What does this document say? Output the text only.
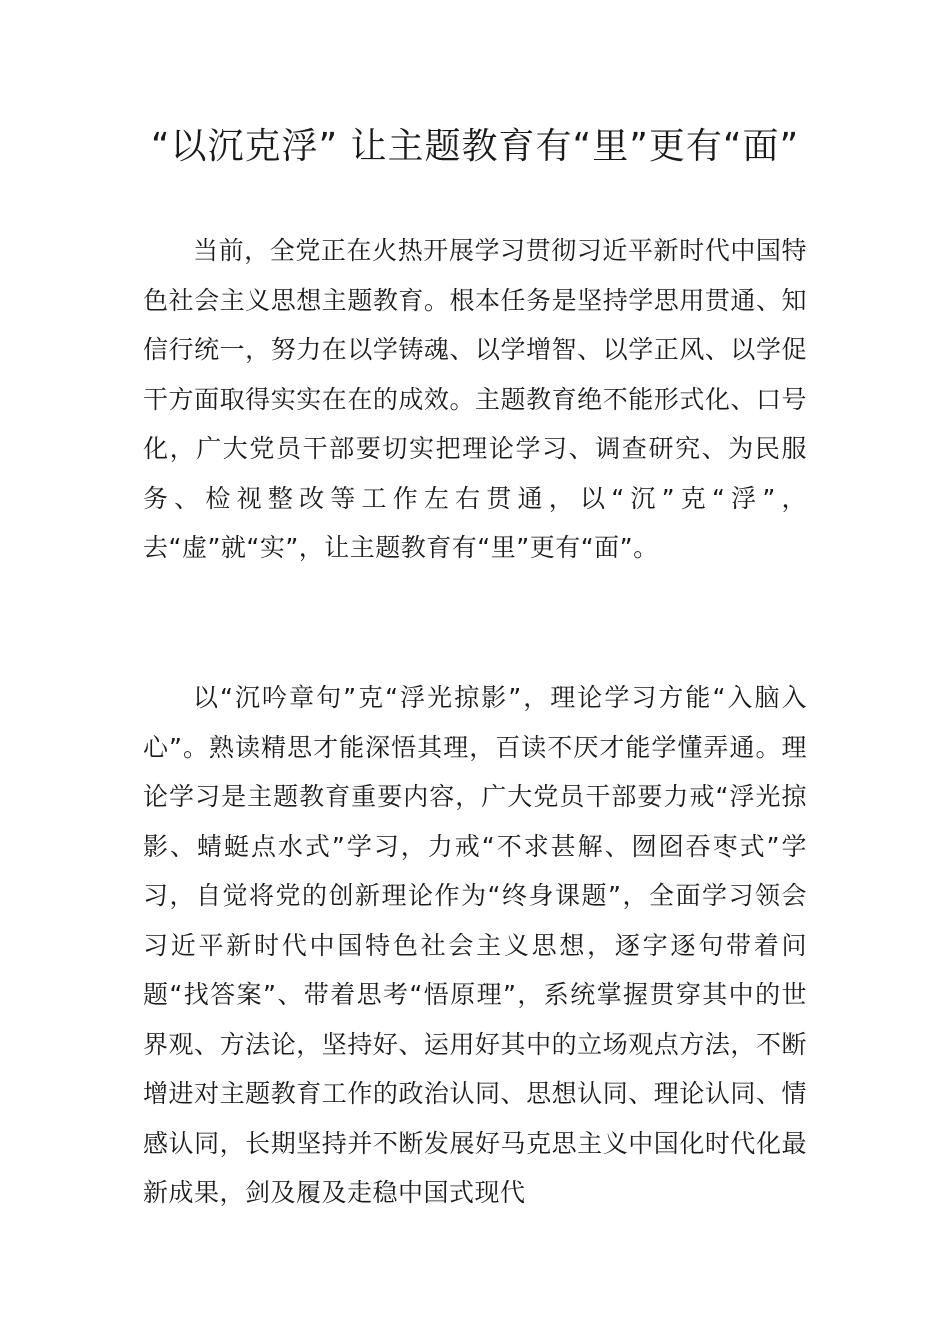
“以沉克浮” 让主题教育有“里”更有“面”

当前，全党正在火热开展学习贯彻习近平新时代中国特色社会主义思想主题教育。根本任务是坚持学思用贯通、知信行统一，努力在以学铸魂、以学增智、以学正风、以学促干方面取得实实在在的成效。主题教育绝不能形式化、口号化，广大党员干部要切实把理论学习、调查研究、为民服务、检视整改等工作左右贯通，以“沉”克“浮”，去“虚”就“实”，让主题教育有“里”更有“面”。

以“沉吟章句”克“浮光掠影”，理论学习方能“入脑入心”。熟读精思才能深悟其理，百读不厌才能学懂弄通。理论学习是主题教育重要内容，广大党员干部要力戒“浮光掠影、蜻蜓点水式”学习，力戒“不求甚解、囫囵吞枣式”学习，自觉将党的创新理论作为“终身课题”，全面学习领会习近平新时代中国特色社会主义思想，逐字逐句带着问题“找答案”、带着思考“悟原理”，系统掌握贯穿其中的世界观、方法论，坚持好、运用好其中的立场观点方法，不断增进对主题教育工作的政治认同、思想认同、理论认同、情感认同，长期坚持并不断发展好马克思主义中国化时代化最新成果，剑及履及走稳中国式现代
